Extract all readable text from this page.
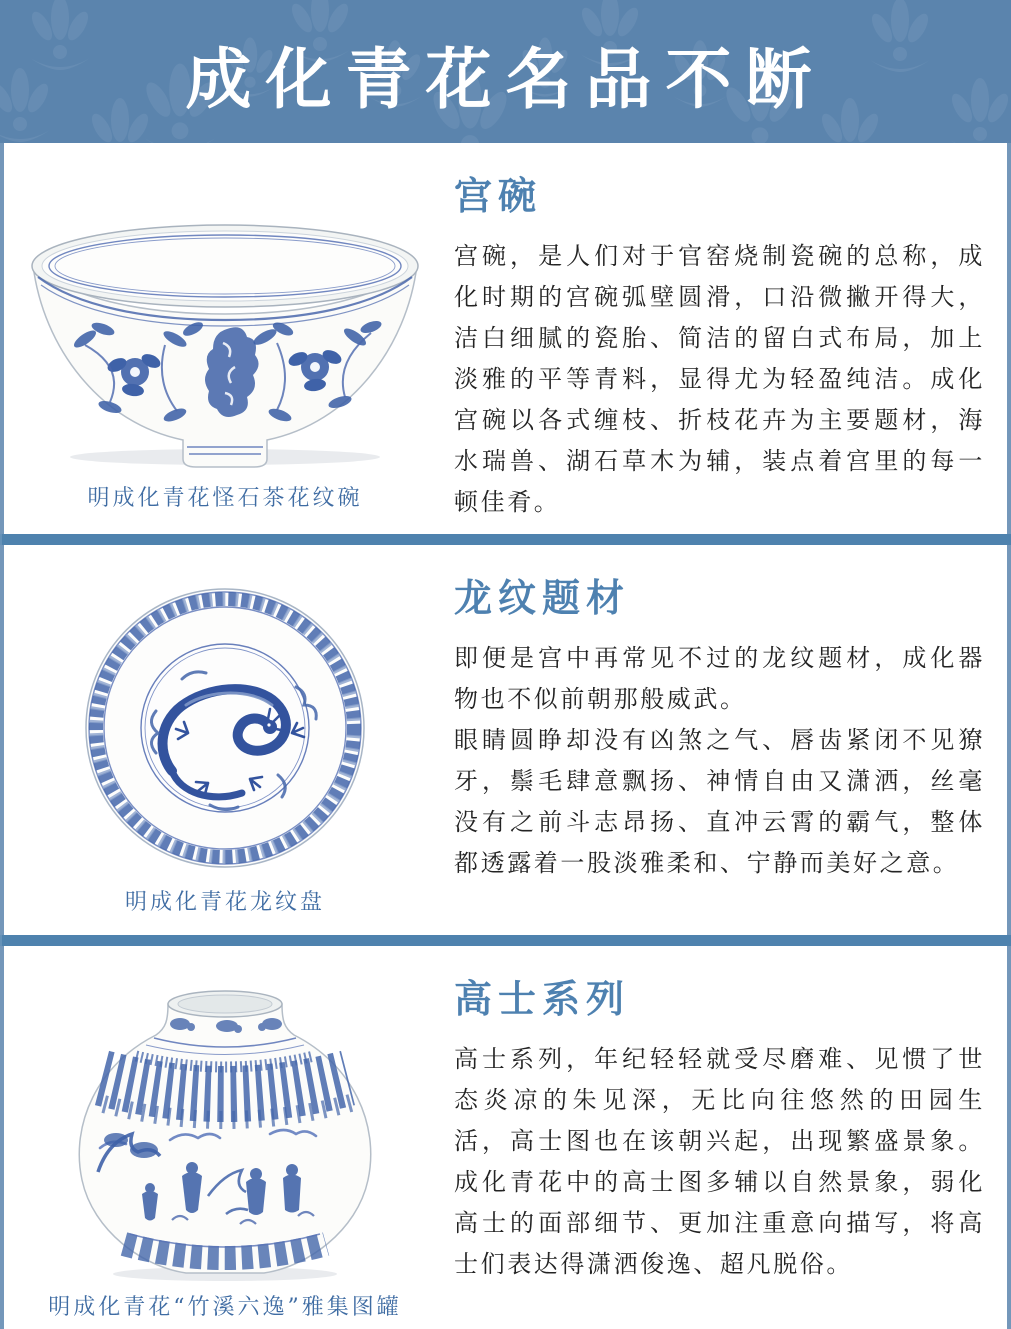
成化青花名品不断
明成化青花怪石茶花纹碗
宫碗

宫碗，是人们对于官窑烧制瓷碗的总称，成化时期的宫碗弧壁圆滑，口沿微撇开得大，洁白细腻的瓷胎、简洁的留白式布局，加上淡雅的平等青料，显得尤为轻盈纯洁。成化宫碗以各式缠枝、折枝花卉为主要题材，海水瑞兽、湖石草木为辅，装点着宫里的每一顿佳肴。

明成化青花龙纹盘
龙纹题材

即便是宫中再常见不过的龙纹题材，成化器物也不似前朝那般威武。

眼睛圆睁却没有凶煞之气、唇齿紧闭不见獠牙，鬃毛肆意飘扬、神情自由又潇洒，丝毫没有之前斗志昂扬、直冲云霄的霸气，整体都透露着一股淡雅柔和、宁静而美好之意。

明成化青花“竹溪六逸”雅集图罐
高士系列

高士系列，年纪轻轻就受尽磨难、见惯了世态炎凉的朱见深，无比向往悠然的田园生活，高士图也在该朝兴起，出现繁盛景象。成化青花中的高士图多辅以自然景象，弱化高士的面部细节、更加注重意向描写，将高士们表达得潇洒俊逸、超凡脱俗。
